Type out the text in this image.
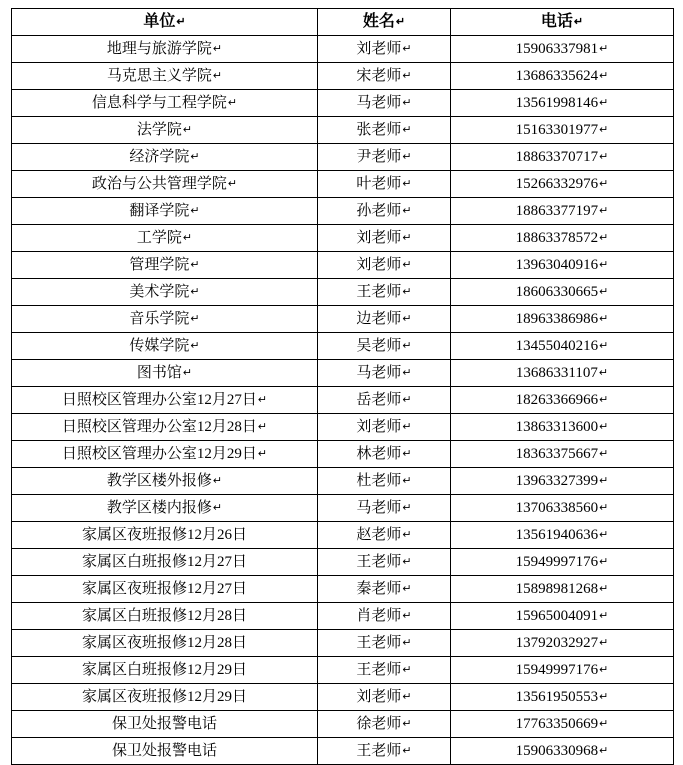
单位↵	姓名↵	电话↵
地理与旅游学院↵	刘老师↵	15906337981↵
马克思主义学院↵	宋老师↵	13686335624↵
信息科学与工程学院↵	马老师↵	13561998146↵
法学院↵	张老师↵	15163301977↵
经济学院↵	尹老师↵	18863370717↵
政治与公共管理学院↵	叶老师↵	15266332976↵
翻译学院↵	孙老师↵	18863377197↵
工学院↵	刘老师↵	18863378572↵
管理学院↵	刘老师↵	13963040916↵
美术学院↵	王老师↵	18606330665↵
音乐学院↵	边老师↵	18963386986↵
传媒学院↵	吴老师↵	13455040216↵
图书馆↵	马老师↵	13686331107↵
日照校区管理办公室12月27日↵	岳老师↵	18263366966↵
日照校区管理办公室12月28日↵	刘老师↵	13863313600↵
日照校区管理办公室12月29日↵	林老师↵	18363375667↵
教学区楼外报修↵	杜老师↵	13963327399↵
教学区楼内报修↵	马老师↵	13706338560↵
家属区夜班报修12月26日	赵老师↵	13561940636↵
家属区白班报修12月27日	王老师↵	15949997176↵
家属区夜班报修12月27日	秦老师↵	15898981268↵
家属区白班报修12月28日	肖老师↵	15965004091↵
家属区夜班报修12月28日	王老师↵	13792032927↵
家属区白班报修12月29日	王老师↵	15949997176↵
家属区夜班报修12月29日	刘老师↵	13561950553↵
保卫处报警电话	徐老师↵	17763350669↵
保卫处报警电话	王老师↵	15906330968↵
